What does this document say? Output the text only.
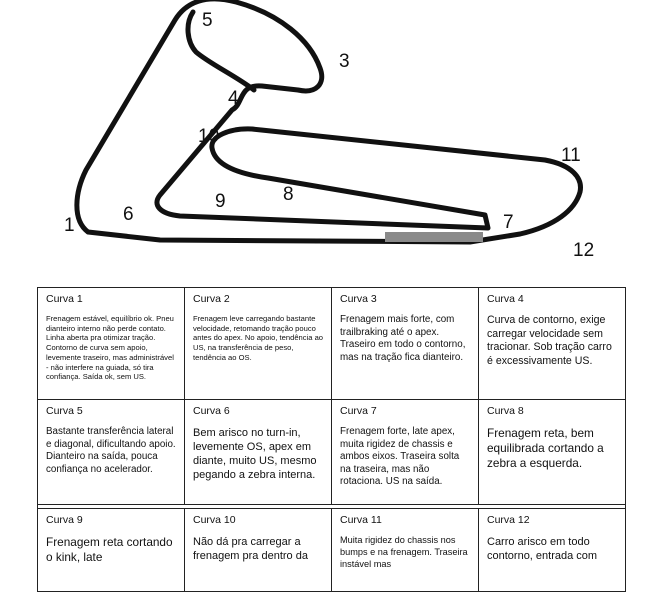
1
3
4
5
6	7
8
9
10
11
12
Curva 1
Frenagem estável, equilíbrio ok. Pneu dianteiro interno não perde contato. Linha aberta pra otimizar tração. Contorno de curva sem apoio, levemente traseiro, mas administrável - não interfere na guiada, só tira confiança. Saída ok, sem US.
Curva 2
Frenagem leve carregando bastante velocidade, retomando tração pouco antes do apex. No apoio, tendência ao US, na transferência de peso, tendência ao OS.
Curva 3
Frenagem mais forte, com trailbraking até o apex. Traseiro em todo o contorno, mas na tração fica dianteiro.
Curva 4
Curva de contorno, exige carregar velocidade sem tracionar. Sob tração carro é excessivamente US.
Curva 5
Bastante transferência lateral e diagonal, dificultando apoio. Dianteiro na saída, pouca confiança no acelerador.
Curva 6
Bem arisco no turn-in, levemente OS, apex em diante, muito US, mesmo pegando a zebra interna.
Curva 7
Frenagem forte, late apex, muita rigidez de chassis e ambos eixos. Traseira solta na traseira, mas não rotaciona. US na saída.
Curva 8
Frenagem reta, bem equilibrada cortando a zebra a esquerda.
Curva 9
Frenagem reta cortando o kink, late
Curva 10
Não dá pra carregar a frenagem pra dentro da
Curva 11
Muita rigidez do chassis nos bumps e na frenagem. Traseira instável mas
Curva 12
Carro arisco em todo contorno, entrada com
